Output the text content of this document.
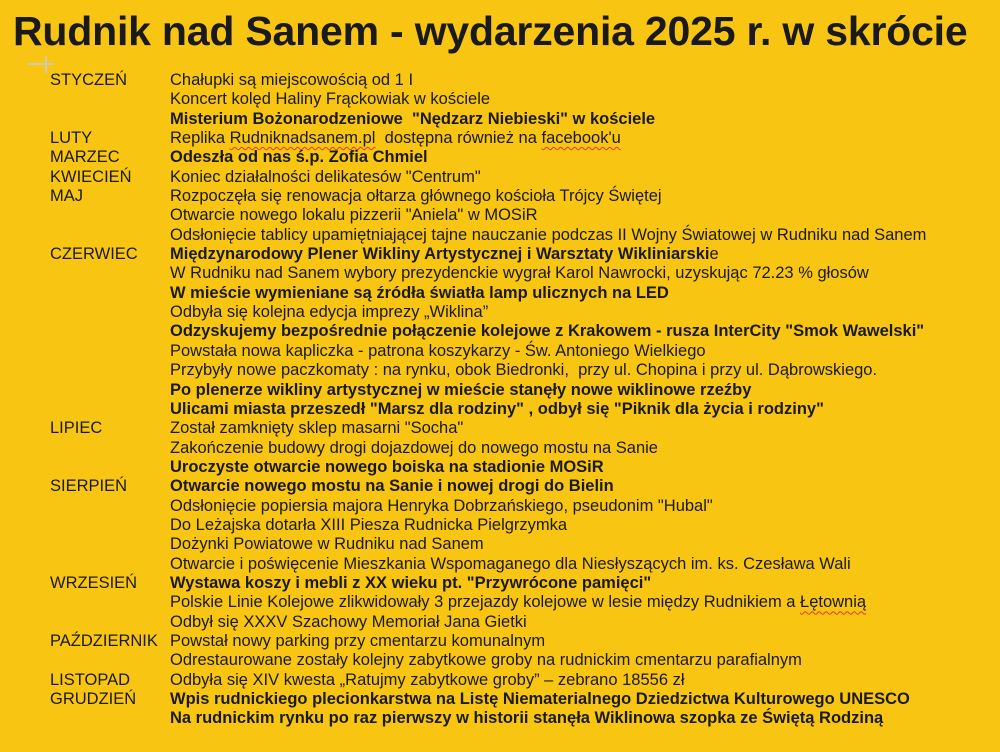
Rudnik nad Sanem - wydarzenia 2025 r. w skrócie
STYCZEŃ	Chałupki są miejscowością od 1 I
Koncert kolęd Haliny Frąckowiak w kościele
Misterium Bożonarodzeniowe  "Nędzarz Niebieski" w kościele
LUTY	Replika Rudniknadsanem.pl  dostępna również na facebook'u
MARZEC	Odeszła od nas ś.p. Zofia Chmiel
KWIECIEŃ	Koniec działalności delikatesów "Centrum"
MAJ	Rozpoczęła się renowacja ołtarza głównego kościoła Trójcy Świętej
Otwarcie nowego lokalu pizzerii "Aniela" w MOSiR
Odsłonięcie tablicy upamiętniającej tajne nauczanie podczas II Wojny Światowej w Rudniku nad Sanem
CZERWIEC	Międzynarodowy Plener Wikliny Artystycznej i Warsztaty Wikliniarskie
W Rudniku nad Sanem wybory prezydenckie wygrał Karol Nawrocki, uzyskując 72.23 % głosów
W mieście wymieniane są źródła światła lamp ulicznych na LED
Odbyła się kolejna edycja imprezy „Wiklina”
Odzyskujemy bezpośrednie połączenie kolejowe z Krakowem - rusza InterCity "Smok Wawelski"
Powstała nowa kapliczka - patrona koszykarzy - Św. Antoniego Wielkiego
Przybyły nowe paczkomaty : na rynku, obok Biedronki,  przy ul. Chopina i przy ul. Dąbrowskiego.
Po plenerze wikliny artystycznej w mieście stanęły nowe wiklinowe rzeźby
Ulicami miasta przeszedł "Marsz dla rodziny" , odbył się "Piknik dla życia i rodziny"
LIPIEC	Został zamknięty sklep masarni "Socha"
Zakończenie budowy drogi dojazdowej do nowego mostu na Sanie
Uroczyste otwarcie nowego boiska na stadionie MOSiR
SIERPIEŃ	Otwarcie nowego mostu na Sanie i nowej drogi do Bielin
Odsłonięcie popiersia majora Henryka Dobrzańskiego, pseudonim "Hubal"
Do Leżajska dotarła XIII Piesza Rudnicka Pielgrzymka
Dożynki Powiatowe w Rudniku nad Sanem
Otwarcie i poświęcenie Mieszkania Wspomaganego dla Niesłyszących im. ks. Czesława Wali
WRZESIEŃ	Wystawa koszy i mebli z XX wieku pt. "Przywrócone pamięci"
Polskie Linie Kolejowe zlikwidowały 3 przejazdy kolejowe w lesie między Rudnikiem a Łętownią
Odbył się XXXV Szachowy Memoriał Jana Gietki
PAŹDZIERNIK Powstał nowy parking przy cmentarzu komunalnym
Odrestaurowane zostały kolejny zabytkowe groby na rudnickim cmentarzu parafialnym
LISTOPAD	Odbyła się XIV kwesta „Ratujmy zabytkowe groby” – zebrano 18556 zł
GRUDZIEŃ	Wpis rudnickiego plecionkarstwa na Listę Niematerialnego Dziedzictwa Kulturowego UNESCO
Na rudnickim rynku po raz pierwszy w historii stanęła Wiklinowa szopka ze Świętą Rodziną
